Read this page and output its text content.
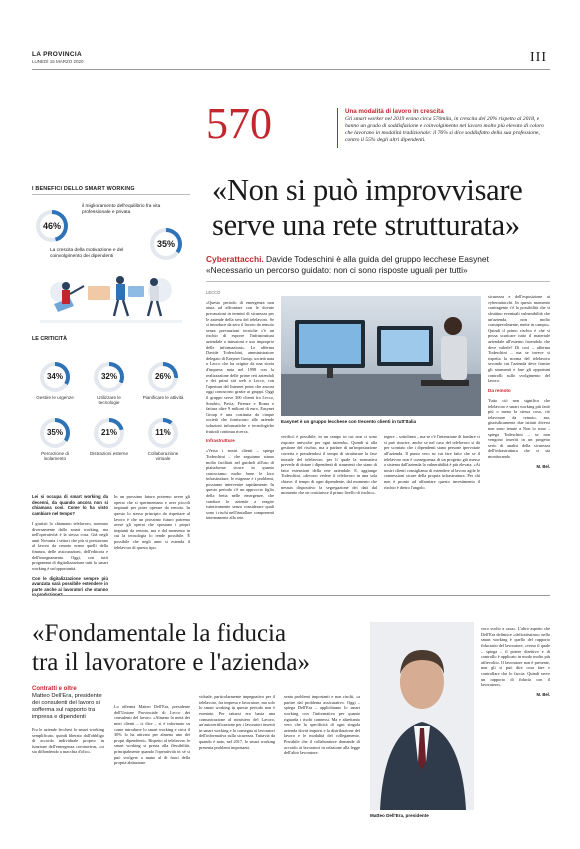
LA PROVINCIA
LUNEDÌ 16 MARZO 2020	III
570	Una modalità di lavoro in crescita
Gli smart worker nel 2019 erano circa 570mila, in crescita del 20% rispetto al 2018, e hanno un grado di soddisfazione e coinvolgimento nel lavoro molto più elevato di coloro che lavorano in modalità tradizionale: il 76% si dice soddisfatto della sua professione, contro il 55% degli altri dipendenti.
I BENEFICI DELLO SMART WORKING
46%
il miglioramento dell'equilibrio fra vita professionale e privata
35%
La crescita della motivazione e del coinvolgimento dei dipendenti
LE CRITICITÀ
34%
Gestire le urgenze
32%
Utilizzare le tecnologie
26%
Pianificare le attività
35%
Percezione di isolamento
21%
Distrazioni esterne
11%
Collaborazione virtuale
«Non si può improvvisare
serve una rete strutturata»
Cyberattacchi. Davide Todeschini è alla guida del gruppo lecchese Easynet
«Necessario un percorso guidato: non ci sono risposte uguali per tutti»
LECCO

«Questo periodo di emergenza non aiuta ad affrontare con le dovute precauzioni in termini di sicurezza per le aziende della sera del telelavoro. Se si introduce da zero il lavoro da remoto senza precauzioni tecniche c'è un rischio di esporre l'infrastruttura aziendale a intrusioni e uso improprio delle informazioni». Le afferma Davide Todeschini, amministratore delegato di Easynet Group, società nata a Lecco che ha origine da una storia d'impresa nata nel 1998 con la realizzazione delle prime reti aziendali e dei primi siti web a Lecco, con l'apertura del Internet point che ancora oggi conoscono grazie ai gruppi. Oggi il gruppo serve 300 clienti fra Lecco, Sondrio, Pavia, Firenze e Roma e fattura oltre 9 milioni di euro. Easynet Group è una costituita da cinque società che forniscono alle aziende soluzioni informatiche e tecnologiche fruttodi continua ricerca.

Infrastrutture

«Verso i nostri clienti – spiega Todeschini – che seguiamo siamo molto facilitati nel guidarli all'uso di piattaforme sicure in quanto conosciamo molto bene le loro infrastrutture, le esigenze e i problemi, possiamo intervenire rapidamente. In questo periodo c'è un approccio figlio della fretta nelle emergenze, che conduce le aziende a reagire istintivamente senza considerare quali sono i rischi nell'installare componenti internamente alla rete.

Easynet è un gruppo lecchese con trecento clienti in tutt'Italia

verificò è possibile, in un campo in cui non ci sono risposte univoche per ogni azienda». Quindi si alla gestione del rischio, ma a parlare di un'impostazione corretta e prendendosi il tempo di strutturare la fase iniziale del telelavoro, per li quale la normativa prevede di dotare i dipendenti di strumenti che siano di fatto estensioni della rete aziendale. E, aggiunge Todeschini, «devono vedere il telelavoro in una sola chiave: il tempo di ogni dipendente, dal momento che nessun dispositivo la segregazione dei dati dal momento che ne costituisce il primo livello di rischio».

tegere – sottolinea – ma se c'è l'intenzione di fondare ci si può riuscire, anche se nel caso del telelavoro si dà per scontato che i dipendenti siano persone ipervotate all'azienda. Il punto vero su cui fare fatto che se il telelavoro non è conseguenza di un progetto già messo a sistema dall'azienda la vulnerabilità è più elevata. «Ai nostri clienti consigliamo di estendere al lavoro agile le connessioni sicure della propria infrastruttura. Per chi non è pronto ad affrontare questo investimento il rischio è dietro l'angolo.

sicurezza e dell'esposizione ai cybertattacchi. In questo momento contingente c'è la possibilità che si sfruttino eventuali vulnerabilità che un'azienda, non molto consapevolmente, mette in campo». Quindi il primo rischio è che si possa scaricare tutto il materiale aziendale all'esterno facendolo che deve valerle? Di così – afferma Todeschini – ma se invece si rispetta la norma del telelavoro secondo cui l'azienda deve fornire gli strumenti e fare gli opportuni controlli sullo svolgimento del lavoro.

Da remoto

Tutto ciò non significa che telelavoro e smart working più fattò più o meno la stessa cosa, ciò telavorare da remoto, ma, giurisdicamente due istituti diversi non sono tenute a Non lo sono – spiega Todeschini – se non vengono inseriti in un progetto serio di analisi della sicurezza dell'infrastruttura che si sta monitorando.

M. Bel.

Lei si occupa di smart working da decenni, da quando ancora non si chiamava così. Come lo ha visto cambiare nel tempo?

I giuristi lo chiamano telelavoro, normato diversamente dallo smart working, ma nell'operatività è la stessa cosa. Già negli anni Novanta i settori che più si prestavano al lavoro da remoto erano quelli della finanza, delle assicurazioni, dell'editoria e dell'insegnamento. Oggi, con tutti programmi di digitalizzazione tutti lo smart working è un'opportunità.

Con le digitalizzazione sempre più avanzata sarà possibile estendere in parte anche ai lavoratori che stanno in produzione?

In un prossimo futuro potremo avere gli operai che si sperimentano e aver piccoli impiantì per poter operare da remoto. In questo lo stesso principio da rispettare al lavoro è che un prossimo futuro potremo avere gli operai che spostano i propri impianti da remoto, ma e dal momento in cui la tecnologia lo rende possibile. È possibile che negli anni si estenda il telelavoro di questo tipo.

«Fondamentale la fiducia
tra il lavoratore e l'azienda»
Contratti e oltre
Matteo Dell'Era, presidente dei consulenti del lavoro si sofferma sul rapporto tra impresa e dipendenti

Fra le aziende lecchesi lo smart working semplificato, quindi liberato dall'obbligo di accordo individuale proprio in funzione dell'emergenza coronavirus, «si sta diffondendo a macchia d'olio».

Lo afferma Matteo Dell'Era, presidente dell'Unione Provinciale di Lecco dei consulenti del lavoro. «Almeno la metà dei miei clienti – ci dice – si è informato su come introdurre lo smart working e circa il 30% lo ha attivato per almeno uno dei propri dipendenti». Rispetto al telelavoro lo smart working si presta alla flessibilità, principalmente quando l'operatività in sé si può svolgere a mano al di fuori della propria abitazione.

viduale, particolarmente impegnativo per il telelavoro, fra impresa e lavoratore, ma solo lo smart working in questo periodo non è esentato. Per tattarsi era basta una comunicazione al ministero del Lavoro, un'autocertificazione per i lavoratori inseriti in smart working e la consegna ai lavoratori dell'informativa sulla sicurezza. Tuttavia da quando è nato, nel 2017, lo smart working presenta problemi importanti.

senta problemi importanti e non risolti, «a partire dal problema assicurativo. Oggi – spiega Dell'Era – applichiamo lo smart working con l'informativa per quanto riguarda i rischi connessi. Ma e altrettanto vero che la specificità di ogni singola azienda dovrà imporsi e la distribuzione del lavoro e le modalità del collegamento. Possibile che il collaboratore domande di accordo ai lavoratori in relazione alla legge dell'altro lavoratore.

Matteo Dell'Era, presidente

voro svolto a casa». L'altro aspetto che Dell'Era definisce «delicatissimo» nello smart working è quello del rapporto fiduciario del lavoratore, «verso il quale – spiega – il potere direttivo e di controllo è applicato in modo molto più affievolito. Il lavoratore non è presente, non gli si può dire cosa fare e controllare che lo faccia. Quindi serve un rapporto di fiducia con il lavoratore».

M. Bel.
